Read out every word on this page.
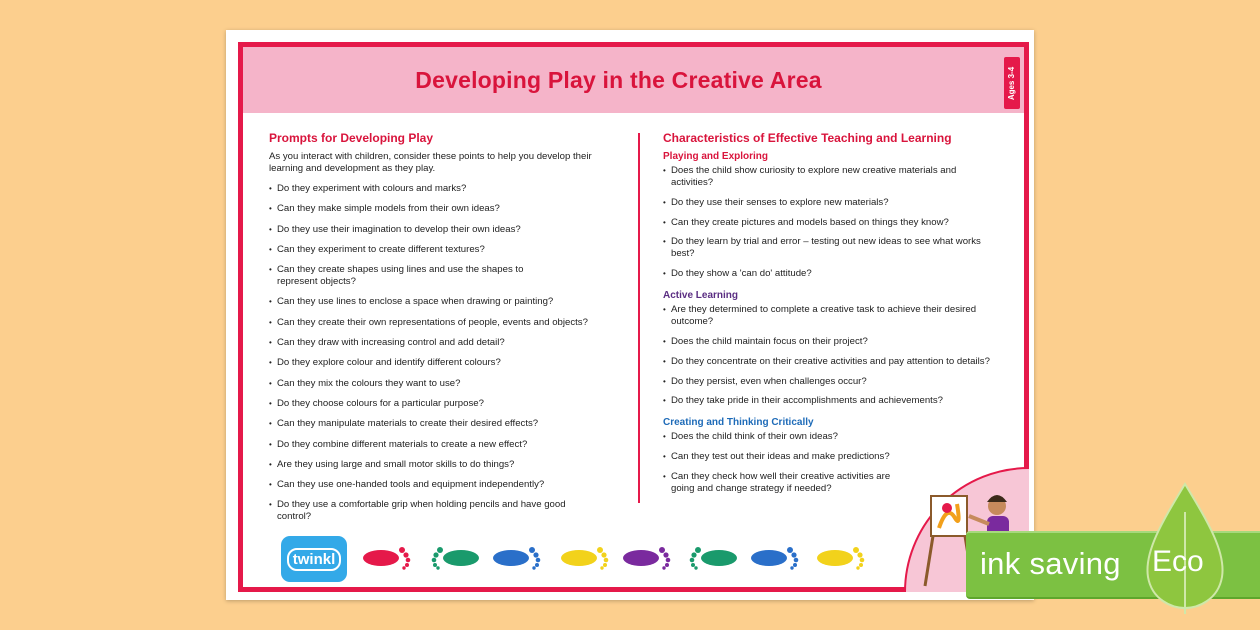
Developing Play in the Creative Area	Ages 3-4
Prompts for Developing Play

As you interact with children, consider these points to help you develop their learning and development as they play.

• Do they experiment with colours and marks?
• Can they make simple models from their own ideas?
• Do they use their imagination to develop their own ideas?
• Can they experiment to create different textures?
• Can they create shapes using lines and use the shapes to represent objects?
• Can they use lines to enclose a space when drawing or painting?
• Can they create their own representations of people, events and objects?
• Can they draw with increasing control and add detail?
• Do they explore colour and identify different colours?
• Can they mix the colours they want to use?
• Do they choose colours for a particular purpose?
• Can they manipulate materials to create their desired effects?
• Do they combine different materials to create a new effect?
• Are they using large and small motor skills to do things?
• Can they use one-handed tools and equipment independently?
• Do they use a comfortable grip when holding pencils and have good control?
Characteristics of Effective Teaching and Learning
Playing and Exploring
• Does the child show curiosity to explore new creative materials and activities?
• Do they use their senses to explore new materials?
• Can they create pictures and models based on things they know?
• Do they learn by trial and error – testing out new ideas to see what works best?
• Do they show a 'can do' attitude?
Active Learning
• Are they determined to complete a creative task to achieve their desired outcome?
• Does the child maintain focus on their project?
• Do they concentrate on their creative activities and pay attention to details?
• Do they persist, even when challenges occur?
• Do they take pride in their accomplishments and achievements?
Creating and Thinking Critically
• Does the child think of their own ideas?
• Can they test out their ideas and make predictions?
• Can they check how well their creative activities are going and change strategy if needed?
twinkl	ink saving Eco
